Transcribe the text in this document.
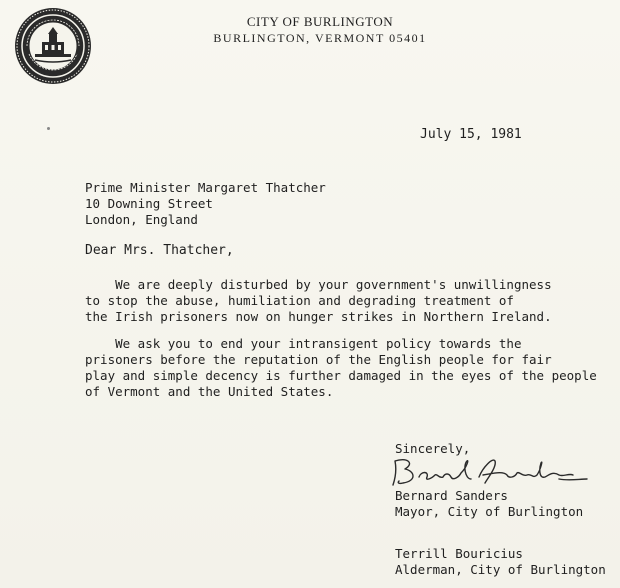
CITY OF BURLINGTON
BURLINGTON, VERMONT 05401
July 15, 1981
Prime Minister Margaret Thatcher
10 Downing Street
London, England
Dear Mrs. Thatcher,
We are deeply disturbed by your government's unwillingness
to stop the abuse, humiliation and degrading treatment of
the Irish prisoners now on hunger strikes in Northern Ireland.
We ask you to end your intransigent policy towards the
prisoners before the reputation of the English people for fair
play and simple decency is further damaged in the eyes of the people
of Vermont and the United States.
Sincerely,
Bernard Sanders
Mayor, City of Burlington
Terrill Bouricius
Alderman, City of Burlington
